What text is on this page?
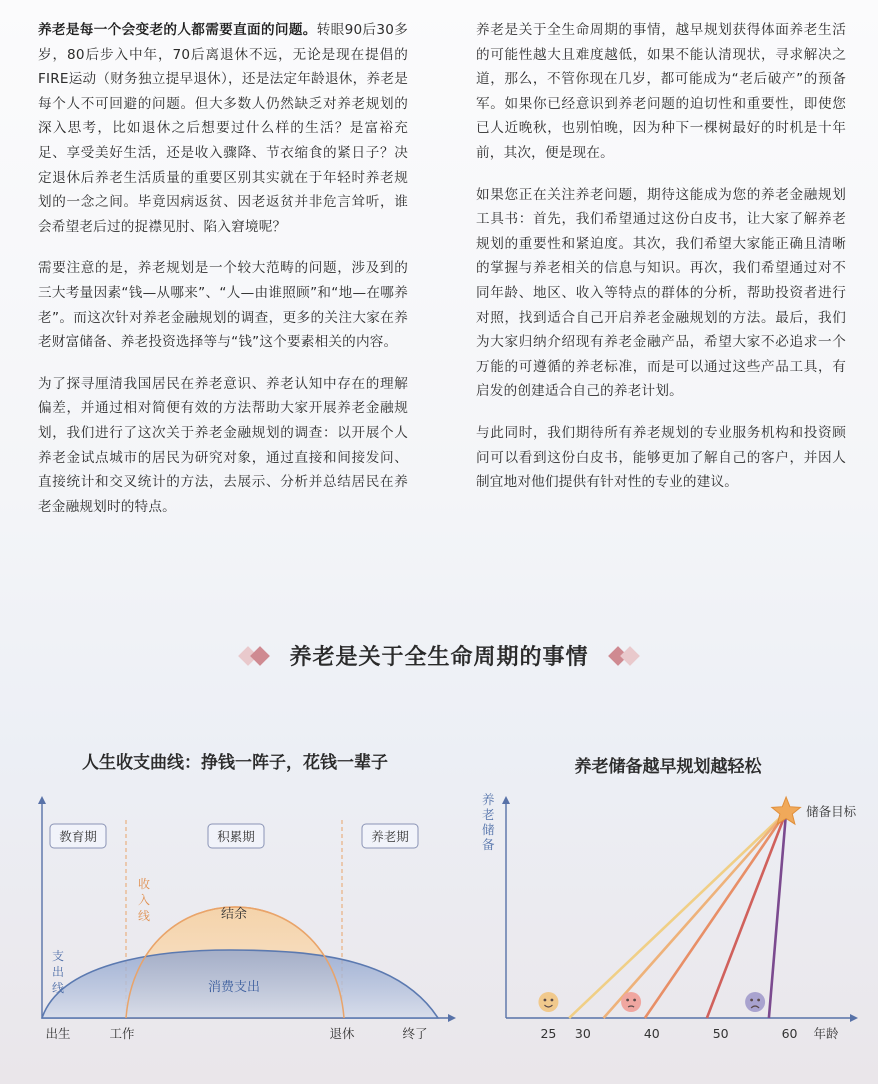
养老是每一个会变老的人都需要直面的问题。转眼90后30多岁，80后步入中年，70后离退休不远，无论是现在提倡的FIRE运动（财务独立提早退休），还是法定年龄退休，养老是每个人不可回避的问题。但大多数人仍然缺乏对养老规划的深入思考，比如退休之后想要过什么样的生活？是富裕充足、享受美好生活，还是收入骤降、节衣缩食的紧日子？决定退休后养老生活质量的重要区别其实就在于年轻时养老规划的一念之间。毕竟因病返贫、因老返贫并非危言耸听，谁会希望老后过的捉襟见肘、陷入窘境呢？

需要注意的是，养老规划是一个较大范畴的问题，涉及到的三大考量因素“钱—从哪来”、“人—由谁照顾”和“地—在哪养老”。而这次针对养老金融规划的调查，更多的关注大家在养老财富储备、养老投资选择等与“钱”这个要素相关的内容。

为了探寻厘清我国居民在养老意识、养老认知中存在的理解偏差，并通过相对简便有效的方法帮助大家开展养老金融规划，我们进行了这次关于养老金融规划的调查：以开展个人养老金试点城市的居民为研究对象，通过直接和间接发问、直接统计和交叉统计的方法，去展示、分析并总结居民在养老金融规划时的特点。

养老是关于全生命周期的事情，越早规划获得体面养老生活的可能性越大且难度越低，如果不能认清现状，寻求解决之道，那么，不管你现在几岁，都可能成为“老后破产”的预备军。如果你已经意识到养老问题的迫切性和重要性，即使您已人近晚秋，也别怕晚，因为种下一棵树最好的时机是十年前，其次，便是现在。

如果您正在关注养老问题，期待这能成为您的养老金融规划工具书：首先，我们希望通过这份白皮书，让大家了解养老规划的重要性和紧迫度。其次，我们希望大家能正确且清晰的掌握与养老相关的信息与知识。再次，我们希望通过对不同年龄、地区、收入等特点的群体的分析，帮助投资者进行对照，找到适合自己开启养老金融规划的方法。最后，我们为大家归纳介绍现有养老金融产品，希望大家不必追求一个万能的可遵循的养老标准，而是可以通过这些产品工具，有启发的创建适合自己的养老计划。

与此同时，我们期待所有养老规划的专业服务机构和投资顾问可以看到这份白皮书，能够更加了解自己的客户，并因人制宜地对他们提供有针对性的专业的建议。

养老是关于全生命周期的事情
人生收支曲线：挣钱一阵子，花钱一辈子
教育期	积累期	养老期
收入线
支出线
结余
消费支出
出生	工作	退休	终了
养老储备越早规划越轻松
养老储备
年龄
25 30	40	50	60
储备目标
